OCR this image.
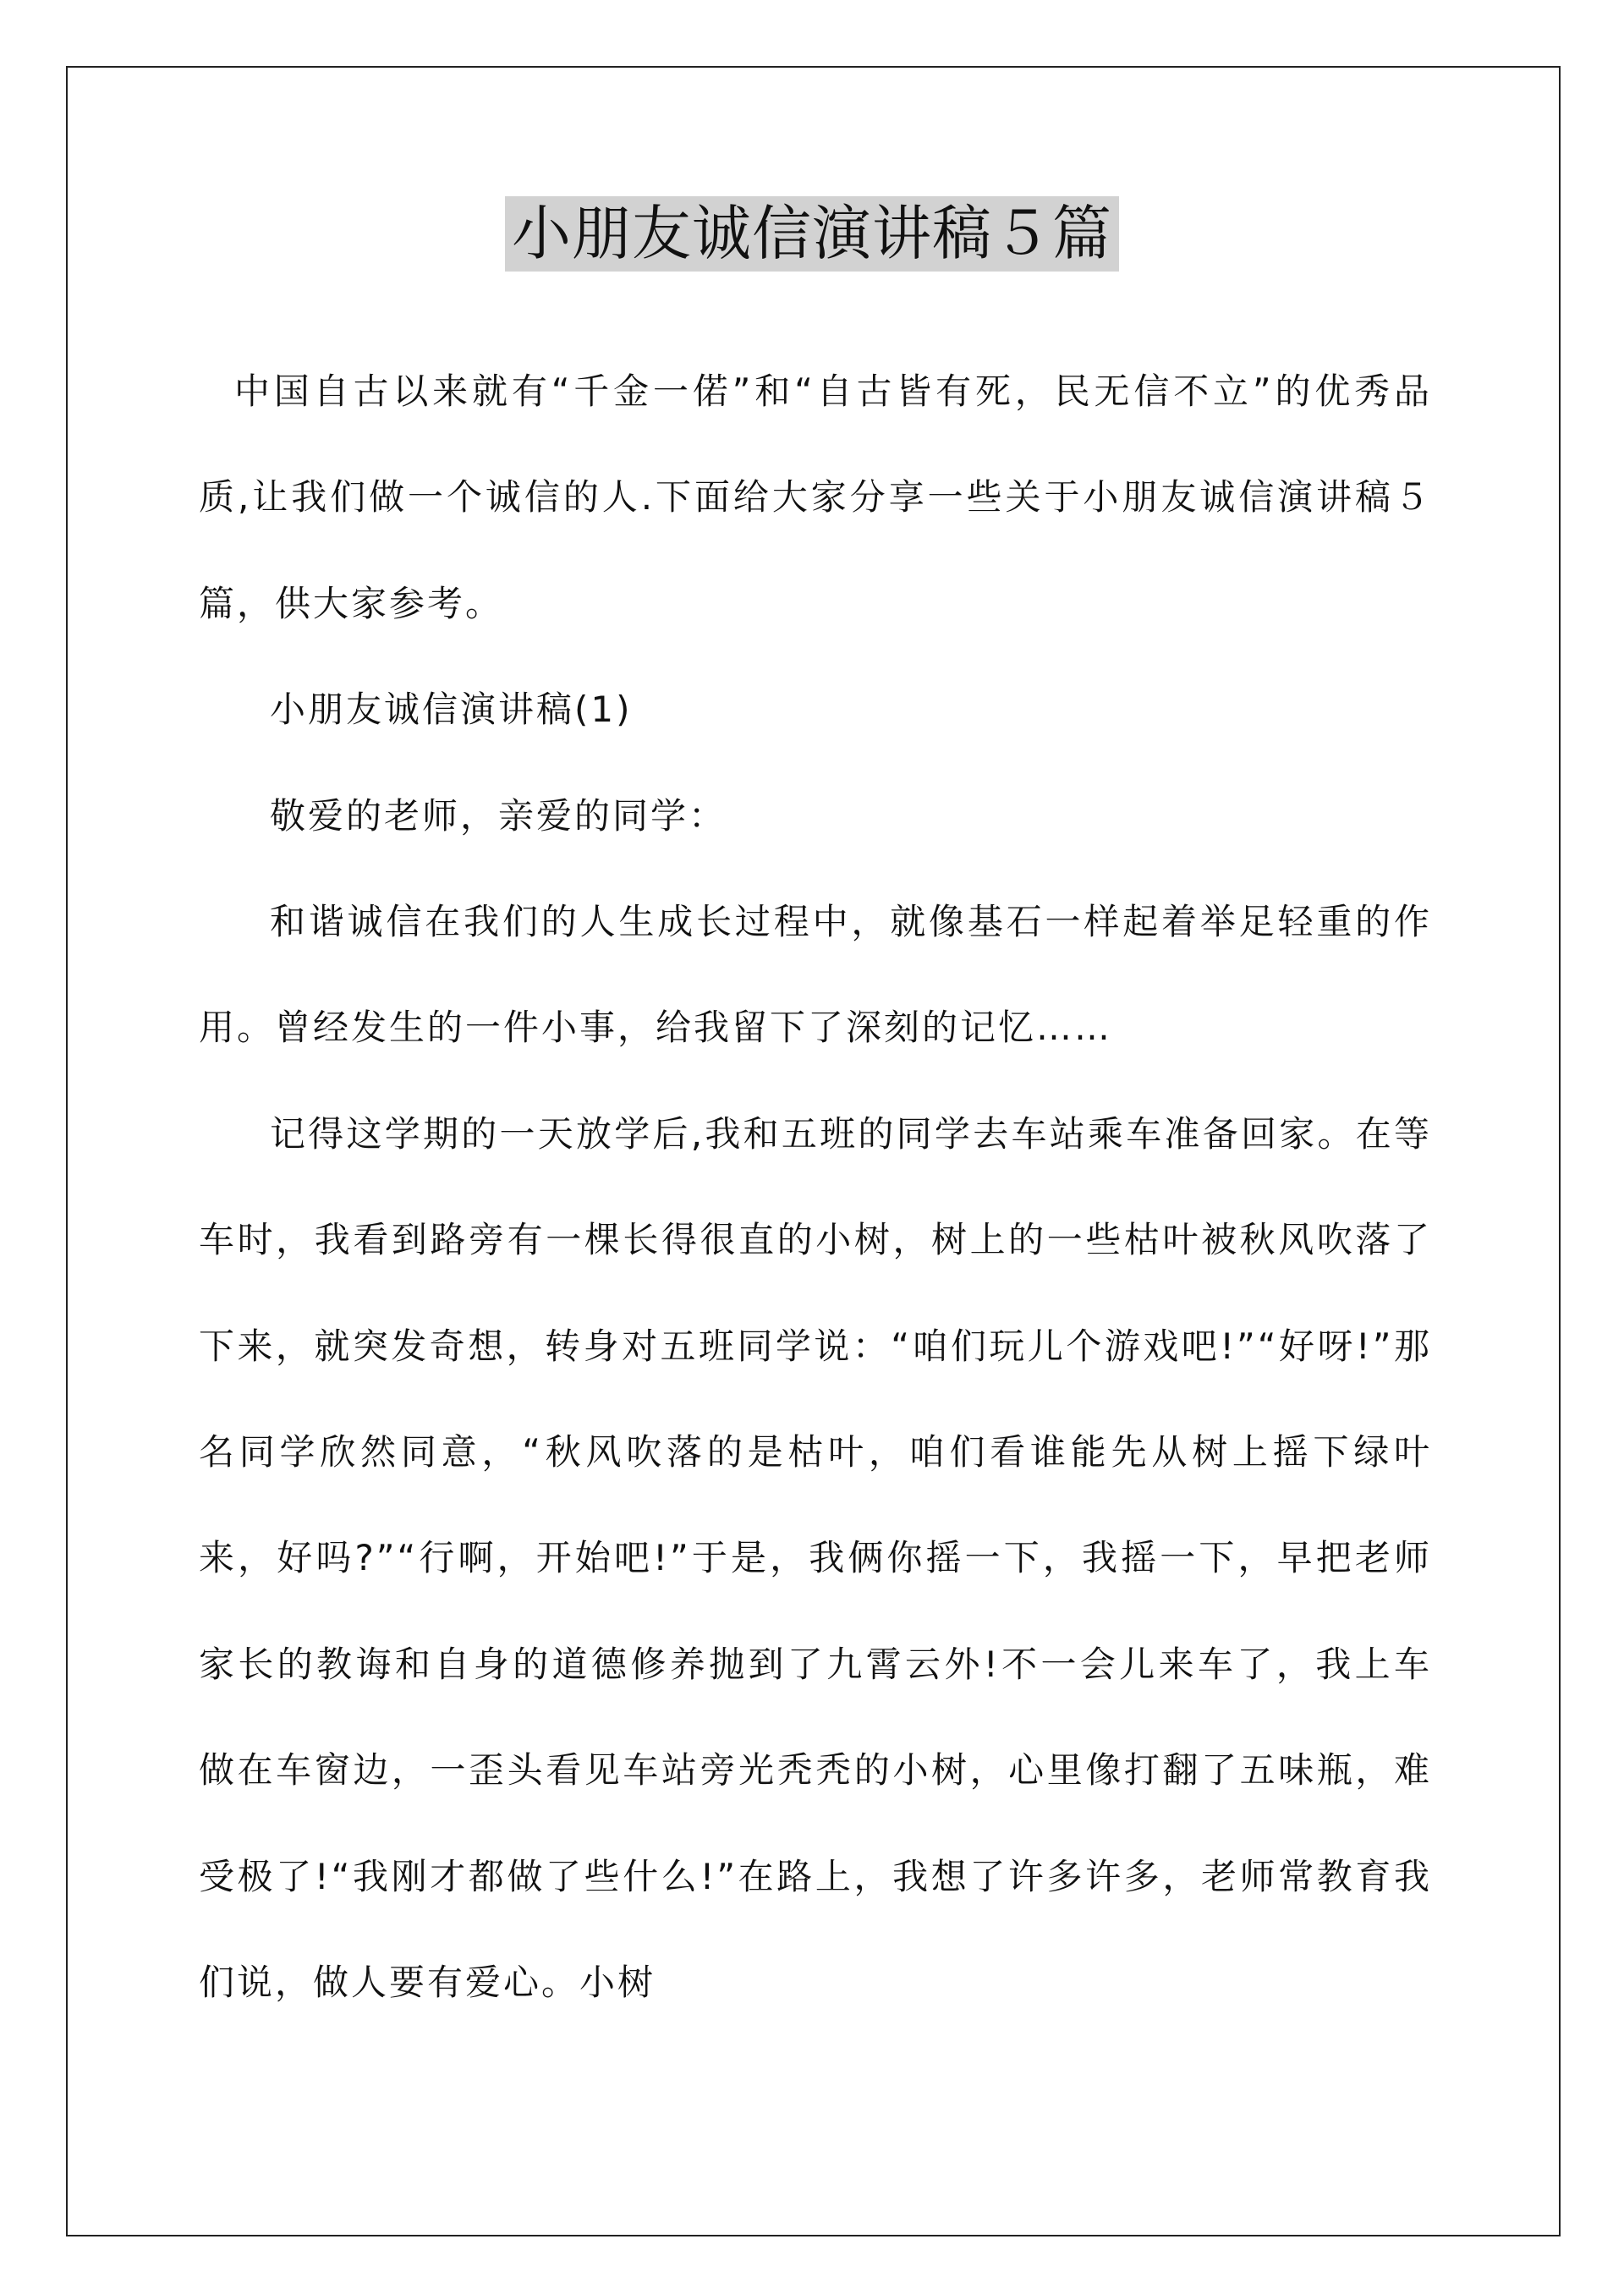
小朋友诚信演讲稿５篇

中国自古以来就有“千金一偌”和“自古皆有死，民无信不立”的优秀品质,让我们做一个诚信的人.下面给大家分享一些关于小朋友诚信演讲稿５篇，供大家参考。

小朋友诚信演讲稿(1)

敬爱的老师，亲爱的同学：

和谐诚信在我们的人生成长过程中，就像基石一样起着举足轻重的作用。曾经发生的一件小事，给我留下了深刻的记忆……

记得这学期的一天放学后,我和五班的同学去车站乘车准备回家。在等车时，我看到路旁有一棵长得很直的小树，树上的一些枯叶被秋风吹落了下来，就突发奇想，转身对五班同学说：“咱们玩儿个游戏吧!”“好呀!”那名同学欣然同意，“秋风吹落的是枯叶，咱们看谁能先从树上摇下绿叶来，好吗?”“行啊，开始吧!”于是，我俩你摇一下，我摇一下，早把老师家长的教诲和自身的道德修养抛到了九霄云外!不一会儿来车了，我上车做在车窗边，一歪头看见车站旁光秃秃的小树，心里像打翻了五味瓶，难受极了!“我刚才都做了些什么!”在路上，我想了许多许多，老师常教育我们说，做人要有爱心。小树
